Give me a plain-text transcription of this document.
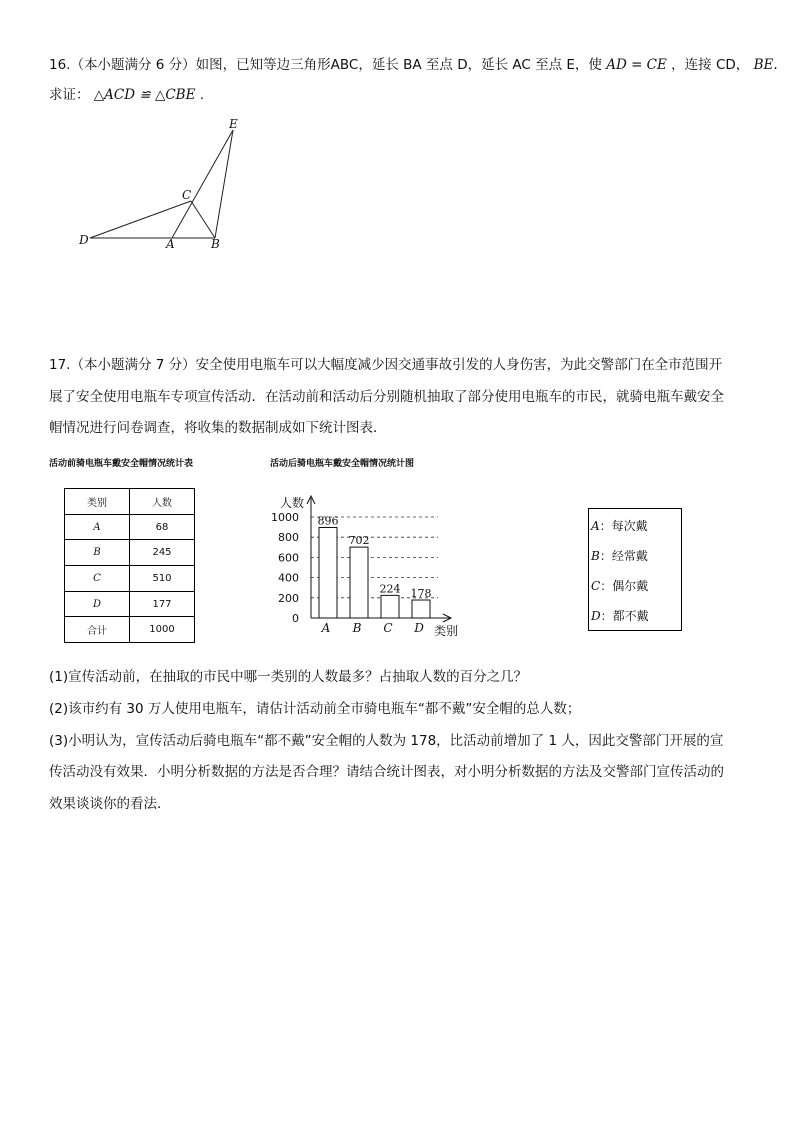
16.（本小题满分 6 分）如图，已知等边三角形ABC，延长 BA 至点 D，延长 AC 至点 E，使 AD = CE ，连接 CD， BE.
求证： △ACD ≌ △CBE .
E
C
D	A	B
17.（本小题满分 7 分）安全使用电瓶车可以大幅度减少因交通事故引发的人身伤害，为此交警部门在全市范围开
展了安全使用电瓶车专项宣传活动．在活动前和活动后分别随机抽取了部分使用电瓶车的市民，就骑电瓶车戴安全
帽情况进行问卷调查，将收集的数据制成如下统计图表．
活动前骑电瓶车戴安全帽情况统计表	活动后骑电瓶车戴安全帽情况统计图
类别	人数
A	68
B	245
C	510
D	177
合计	1000
0
200
400
600
800
1000
人数
类别
896
A
702
B
224
C
178
D
A：每次戴
B：经常戴
C：偶尔戴
D：都不戴
(1)宣传活动前，在抽取的市民中哪一类别的人数最多？占抽取人数的百分之几？
(2)该市约有 30 万人使用电瓶车，请估计活动前全市骑电瓶车“都不戴”安全帽的总人数；
(3)小明认为，宣传活动后骑电瓶车“都不戴”安全帽的人数为 178，比活动前增加了 1 人，因此交警部门开展的宣
传活动没有效果．小明分析数据的方法是否合理？请结合统计图表，对小明分析数据的方法及交警部门宣传活动的
效果谈谈你的看法．
